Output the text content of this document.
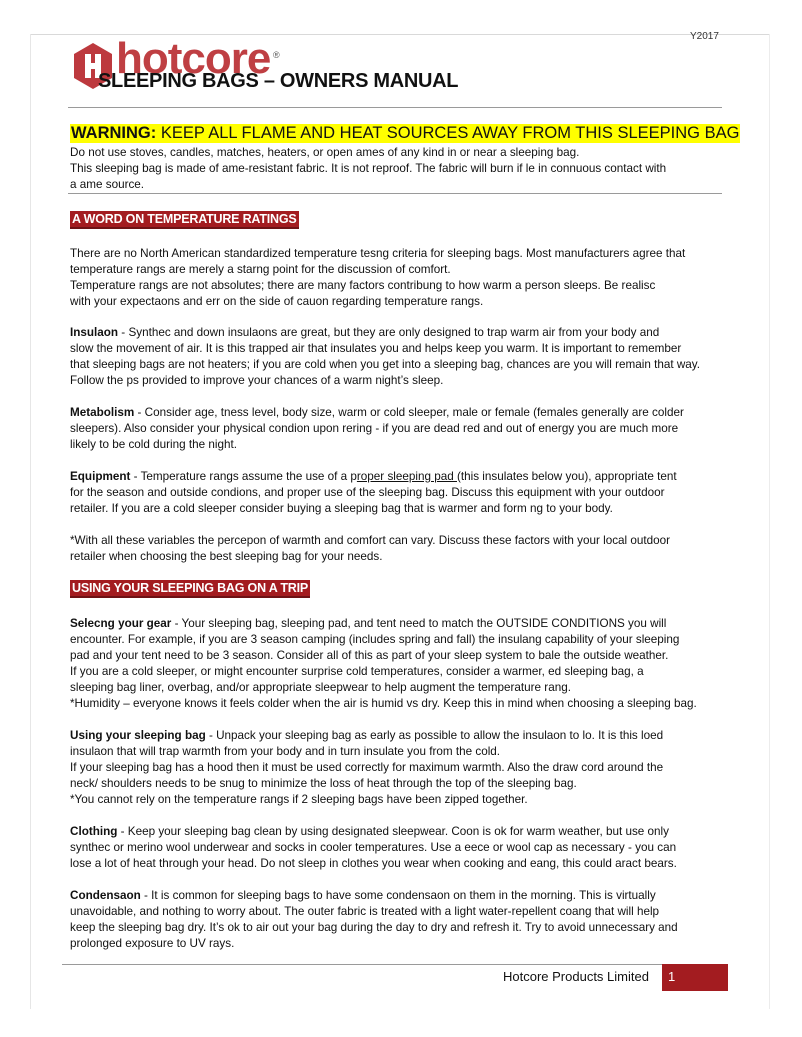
Y2017
hotcore ®
SLEEPING BAGS – OWNERS MANUAL
WARNING: KEEP ALL FLAME AND HEAT SOURCES AWAY FROM THIS SLEEPING BAG
Do not use stoves, candles, matches, heaters, or open ames of any kind in or near a sleeping bag.
This sleeping bag is made of ame-resistant fabric. It is not reproof. The fabric will burn if le in connuous contact with
a ame source.
A WORD ON TEMPERATURE RATINGS
There are no North American standardized temperature tesng criteria for sleeping bags. Most manufacturers agree that
temperature rangs are merely a starng point for the discussion of comfort.
Temperature rangs are not absolutes; there are many factors contribung to how warm a person sleeps. Be realisc
with your expectaons and err on the side of cauon regarding temperature rangs.
Insulaon - Synthec and down insulaons are great, but they are only designed to trap warm air from your body and
slow the movement of air. It is this trapped air that insulates you and helps keep you warm. It is important to remember
that sleeping bags are not heaters; if you are cold when you get into a sleeping bag, chances are you will remain that way.
Follow the ps provided to improve your chances of a warm night’s sleep.
Metabolism - Consider age, tness level, body size, warm or cold sleeper, male or female (females generally are colder
sleepers). Also consider your physical condion upon rering - if you are dead red and out of energy you are much more
likely to be cold during the night.
Equipment - Temperature rangs assume the use of a proper sleeping pad (this insulates below you), appropriate tent
for the season and outside condions, and proper use of the sleeping bag. Discuss this equipment with your outdoor
retailer. If you are a cold sleeper consider buying a sleeping bag that is warmer and form ng to your body.
*With all these variables the percepon of warmth and comfort can vary. Discuss these factors with your local outdoor
retailer when choosing the best sleeping bag for your needs.
USING YOUR SLEEPING BAG ON A TRIP
Selecng your gear - Your sleeping bag, sleeping pad, and tent need to match the OUTSIDE CONDITIONS you will
encounter. For example, if you are 3 season camping (includes spring and fall) the insulang capability of your sleeping
pad and your tent need to be 3 season. Consider all of this as part of your sleep system to bale the outside weather.
If you are a cold sleeper, or might encounter surprise cold temperatures, consider a warmer, ed sleeping bag, a
sleeping bag liner, overbag, and/or appropriate sleepwear to help augment the temperature rang.
*Humidity – everyone knows it feels colder when the air is humid vs dry. Keep this in mind when choosing a sleeping bag.
Using your sleeping bag - Unpack your sleeping bag as early as possible to allow the insulaon to lo. It is this loed
insulaon that will trap warmth from your body and in turn insulate you from the cold.
If your sleeping bag has a hood then it must be used correctly for maximum warmth. Also the draw cord around the
neck/ shoulders needs to be snug to minimize the loss of heat through the top of the sleeping bag.
*You cannot rely on the temperature rangs if 2 sleeping bags have been zipped together.
Clothing - Keep your sleeping bag clean by using designated sleepwear. Coon is ok for warm weather, but use only
synthec or merino wool underwear and socks in cooler temperatures. Use a eece or wool cap as necessary - you can
lose a lot of heat through your head. Do not sleep in clothes you wear when cooking and eang, this could aract bears.
Condensaon - It is common for sleeping bags to have some condensaon on them in the morning. This is virtually
unavoidable, and nothing to worry about. The outer fabric is treated with a light water-repellent coang that will help
keep the sleeping bag dry. It’s ok to air out your bag during the day to dry and refresh it. Try to avoid unnecessary and
prolonged exposure to UV rays.
Hotcore Products Limited	1
